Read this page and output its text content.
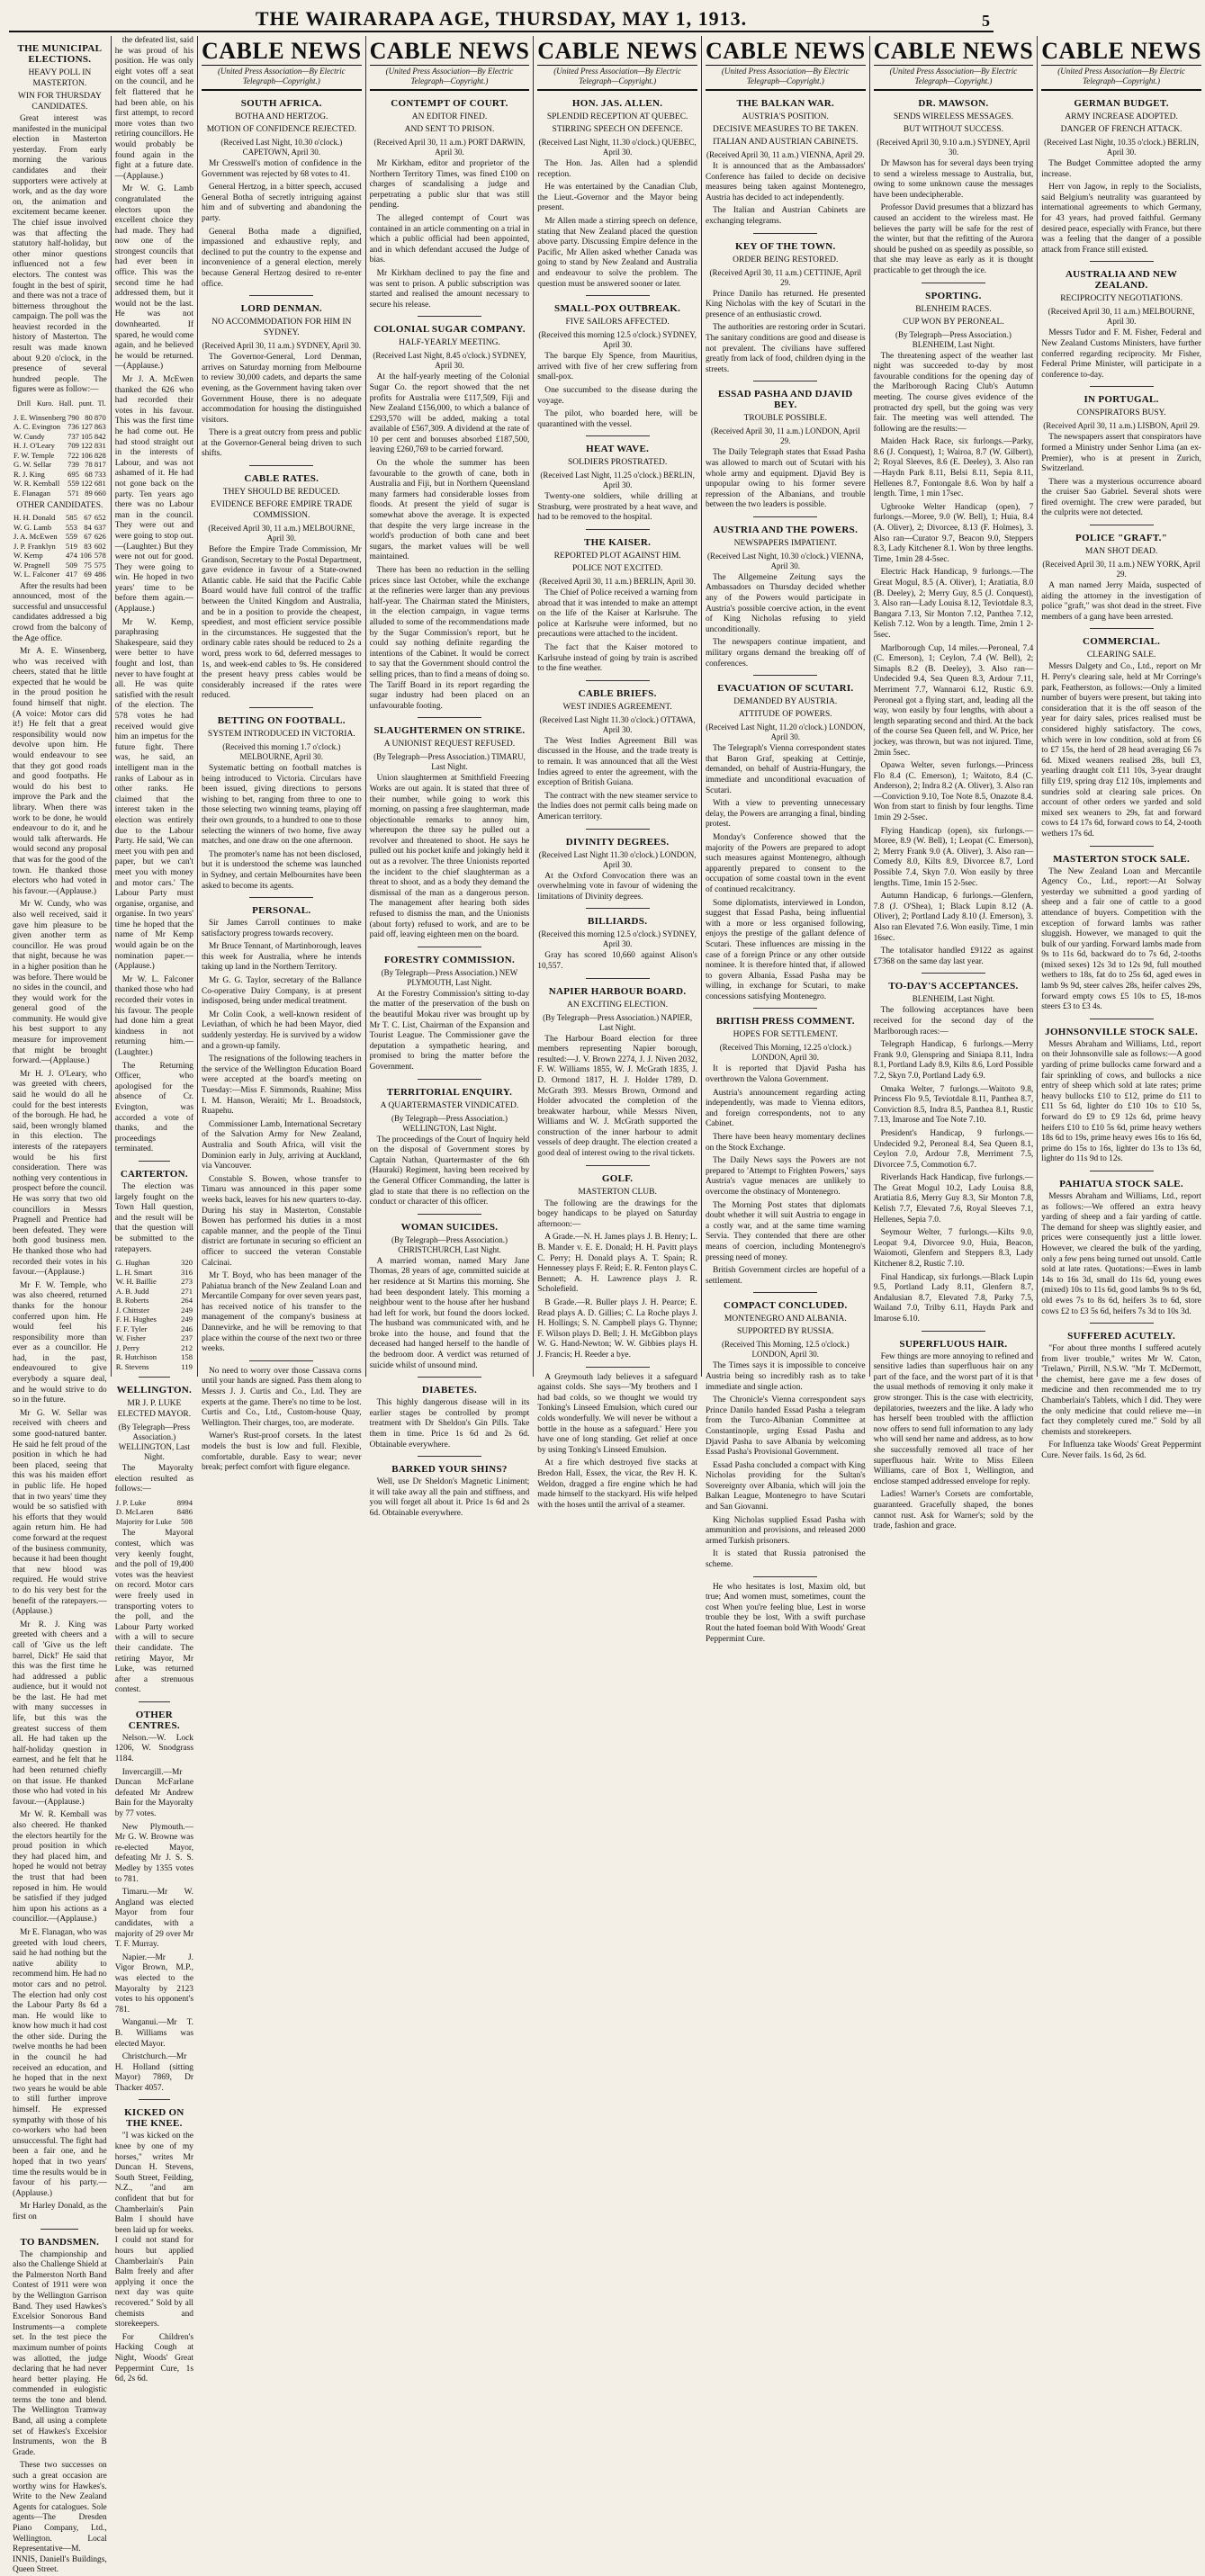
THE WAIRARAPA AGE, THURSDAY, MAY 1, 1913.	5
THE MUNICIPAL ELECTIONS.
HEAVY POLL IN MASTERTON.
WIN FOR THURSDAY CANDIDATES.

Great interest was manifested in the municipal election in Masterton yesterday. From early morning the various candidates and their supporters were actively at work, and as the day wore on, the animation and excitement became keener. The chief issue involved was that affecting the statutory half-holiday, but other minor questions influenced not a few electors. The contest was fought in the best of spirit, and there was not a trace of bitterness throughout the campaign. The poll was the heaviest recorded in the history of Masterton. The result was made known about 9.20 o'clock, in the presence of several hundred people. The figures were as follow:—

Drill	Kuro.	Hall.	punt.	Tl.
J. E. Winsenberg	790	80	870
A. C. Evington	736	127	863
W. Cundy	737	105	842
H. J. O'Leary	709	122	831
F. W. Temple	722	106	828
G. W. Sellar	739	78	817
R. J. King	695	68	733
W. R. Kemball	559	122	681
E. Flanagan	571	89	660
OTHER CANDIDATES.
H. H. Donald	585	67	652
W. G. Lamb	553	84	637
J. A. McEwen	559	67	626
J. P. Franklyn	519	83	602
W. Kemp	474	106	578
W. Pragnell	509	75	575
W. L. Falconer	417	69	486

After the results had been announced, most of the successful and unsuccessful candidates addressed a big crowd from the balcony of the Age office.

Mr A. E. Winsenberg, who was received with cheers, stated that he little expected that he would be in the proud position he found himself that night. (A voice: Motor cars did it!) He felt that a great responsibility would now devolve upon him. He would endeavour to see that they got good roads and good footpaths. He would do his best to improve the Park and the library. When there was work to be done, he would endeavour to do it, and he would talk afterwards. He would second any proposal that was for the good of the town. He thanked those electors who had voted in his favour.—(Applause.)

Mr W. Cundy, who was also well received, said it gave him pleasure to be given another term as councillor. He was proud that night, because he was in a higher position than he was before. There would be no sides in the council, and they would work for the general good of the community. He would give his best support to any measure for improvement that might be brought forward.—(Applause.)

Mr H. J. O'Leary, who was greeted with cheers, said he would do all he could for the best interests of the borough. He had, he said, been wrongly blamed in this election. The interests of the ratepayers would be his first consideration. There was nothing very contentious in prospect before the council. He was sorry that two old councillors in Messrs Pragnell and Prentice had been defeated. They were both good business men. He thanked those who had recorded their votes in his favour.—(Applause.)

Mr F. W. Temple, who was also cheered, returned thanks for the honour conferred upon him. He would feel his responsibility more than ever as a councillor. He had, in the past, endeavoured to give everybody a square deal, and he would strive to do so in the future.

Mr G. W. Sellar was received with cheers and some good-natured banter. He said he felt proud of the position in which he had been placed, seeing that this was his maiden effort in public life. He hoped that in two years' time they would be so satisfied with his efforts that they would again return him. He had come forward at the request of the business community, because it had been thought that new blood was required. He would strive to do his very best for the benefit of the ratepayers.—(Applause.)

Mr R. J. King was greeted with cheers and a call of 'Give us the left barrel, Dick!' He said that this was the first time he had addressed a public audience, but it would not be the last. He had met with many successes in life, but this was the greatest success of them all. He had taken up the half-holiday question in earnest, and he felt that he had been returned chiefly on that issue. He thanked those who had voted in his favour.—(Applause.)

Mr W. R. Kemball was also cheered. He thanked the electors heartily for the proud position in which they had placed him, and hoped he would not betray the trust that had been reposed in him. He would be satisfied if they judged him upon his actions as a councillor.—(Applause.)

Mr E. Flanagan, who was greeted with loud cheers, said he had nothing but the native ability to recommend him. He had no motor cars and no petrol. The election had only cost the Labour Party 8s 6d a man. He would like to know how much it had cost the other side. During the twelve months he had been in the council he had received an education, and he hoped that in the next two years he would be able to still further improve himself. He expressed sympathy with those of his co-workers who had been unsuccessful. The fight had been a fair one, and he hoped that in two years' time the results would be in favour of his party.—(Applause.)

Mr Harley Donald, as the first on

TO BANDSMEN.

The championship and also the Challenge Shield at the Palmerston North Band Contest of 1911 were won by the Wellington Garrison Band. They used Hawkes's Excelsior Sonorous Band Instruments—a complete set. In the test piece the maximum number of points was allotted, the judge declaring that he had never heard better playing. He commended in eulogistic terms the tone and blend. The Wellington Tramway Band, all using a complete set of Hawkes's Excelsior Instruments, won the B Grade.

These two successes on such a great occasion are worthy wins for Hawkes's. Write to the New Zealand Agents for catalogues. Sole agents—The Dresden Piano Company, Ltd., Wellington. Local Representative—M. INNIS, Daniell's Buildings, Queen Street.

the defeated list, said he was proud of his position. He was only eight votes off a seat on the council, and he felt flattered that he had been able, on his first attempt, to record more votes than two retiring councillors. He would probably be found again in the fight at a future date.—(Applause.)

Mr W. G. Lamb congratulated the electors upon the excellent choice they had made. They had now one of the strongest councils that had ever been in office. This was the second time he had addressed them, but it would not be the last. He was not downhearted. If spared, he would come again, and he believed he would be returned.—(Applause.)

Mr J. A. McEwen thanked the 626 who had recorded their votes in his favour. This was the first time he had come out. He had stood straight out in the interests of Labour, and was not ashamed of it. He had not gone back on the party. Ten years ago there was no Labour man in the council. They were out and were going to stop out.—(Laughter.) But they were not out for good. They were going to win. He hoped in two years' time to be before them again.—(Applause.)

Mr W. Kemp, paraphrasing Shakespeare, said they were better to have fought and lost, than never to have fought at all. He was quite satisfied with the result of the election. The 578 votes he had received would give him an impetus for the future fight. There was, he said, an intelligent man in the ranks of Labour as in other ranks. He claimed that the interest taken in the election was entirely due to the Labour Party. He said, 'We can meet you with pen and paper, but we can't meet you with money and motor cars.' The Labour Party must organise, organise, and organise. In two years' time he hoped that the name of Mr Kemp would again be on the nomination paper.—(Applause.)

Mr W. L. Falconer thanked those who had recorded their votes in his favour. The people had done him a great kindness in not returning him.—(Laughter.)

The Returning Officer, who apologised for the absence of Cr. Evington, was accorded a vote of thanks, and the proceedings terminated.

CARTERTON.

The election was largely fought on the Town Hall question, and the result will be that the question will be submitted to the ratepayers.

G. Hughan			320
L. H. Smart			316
W. H. Baillie			273
A. B. Judd			271
B. Roberts			264
J. Chittster			249
F. H. Hughes			249
F. F. Tyler			246
W. Fisher			237
J. Perry			212
R. Hutchison			158
R. Stevens			119
WELLINGTON.
MR J. P. LUKE ELECTED MAYOR.
(By Telegraph—Press Association.) WELLINGTON, Last Night.

The Mayoralty election resulted as follows:—

J. P. Luke			8994
D. McLaren			8486
Majority for Luke			508

The Mayoral contest, which was very keenly fought, and the poll of 19,400 votes was the heaviest on record. Motor cars were freely used in transporting voters to the poll, and the Labour Party worked with a will to secure their candidate. The retiring Mayor, Mr Luke, was returned after a strenuous contest.

OTHER CENTRES.

Nelson.—W. Lock 1206, W. Snodgrass 1184.

Invercargill.—Mr Duncan McFarlane defeated Mr Andrew Bain for the Mayoralty by 77 votes.

New Plymouth.—Mr G. W. Browne was re-elected Mayor, defeating Mr J. S. S. Medley by 1355 votes to 781.

Timaru.—Mr W. Angland was elected Mayor from four candidates, with a majority of 29 over Mr T. F. Murray.

Napier.—Mr J. Vigor Brown, M.P., was elected to the Mayoralty by 2123 votes to his opponent's 781.

Wanganui.—Mr T. B. Williams was elected Mayor.

Christchurch.—Mr H. Holland (sitting Mayor) 7869, Dr Thacker 4057.

KICKED ON THE KNEE.

"I was kicked on the knee by one of my horses," writes Mr Duncan H. Stevens, South Street, Feilding, N.Z., "and am confident that but for Chamberlain's Pain Balm I should have been laid up for weeks. I could not stand for hours but applied Chamberlain's Pain Balm freely and after applying it once the next day was quite recovered." Sold by all chemists and storekeepers.

For Children's Hacking Cough at Night, Woods' Great Peppermint Cure, 1s 6d, 2s 6d.

CABLE NEWS
(United Press Association—By Electric Telegraph—Copyright.)
SOUTH AFRICA.
BOTHA AND HERTZOG.
MOTION OF CONFIDENCE REJECTED.
(Received Last Night, 10.30 o'clock.) CAPETOWN, April 30.

Mr Cresswell's motion of confidence in the Government was rejected by 68 votes to 41.

General Hertzog, in a bitter speech, accused General Botha of secretly intriguing against him and of subverting and abandoning the party.

General Botha made a dignified, impassioned and exhaustive reply, and declined to put the country to the expense and inconvenience of a general election, merely because General Hertzog desired to re-enter office.

LORD DENMAN.
NO ACCOMMODATION FOR HIM IN SYDNEY.
(Received April 30, 11 a.m.) SYDNEY, April 30.

The Governor-General, Lord Denman, arrives on Saturday morning from Melbourne to review 30,000 cadets, and departs the same evening, as the Government having taken over Government House, there is no adequate accommodation for housing the distinguished visitors.

There is a great outcry from press and public at the Governor-General being driven to such shifts.

CABLE RATES.
THEY SHOULD BE REDUCED.
EVIDENCE BEFORE EMPIRE TRADE COMMISSION.
(Received April 30, 11 a.m.) MELBOURNE, April 30.

Before the Empire Trade Commission, Mr Grandison, Secretary to the Postal Department, gave evidence in favour of a State-owned Atlantic cable. He said that the Pacific Cable Board would have full control of the traffic between the United Kingdom and Australia, and be in a position to provide the cheapest, speediest, and most efficient service possible in the circumstances. He suggested that the ordinary cable rates should be reduced to 2s a word, press work to 6d, deferred messages to 1s, and week-end cables to 9s. He considered the present heavy press cables would be considerably increased if the rates were reduced.

BETTING ON FOOTBALL.
SYSTEM INTRODUCED IN VICTORIA.
(Received this morning 1.7 o'clock.) MELBOURNE, April 30.

Systematic betting on football matches is being introduced to Victoria. Circulars have been issued, giving directions to persons wishing to bet, ranging from three to one to those selecting two winning teams, playing off their own grounds, to a hundred to one to those selecting the winners of two home, five away matches, and one draw on the one afternoon.

The promoter's name has not been disclosed, but it is understood the scheme was launched in Sydney, and certain Melbournites have been asked to become its agents.

PERSONAL.

Sir James Carroll continues to make satisfactory progress towards recovery.

Mr Bruce Tennant, of Martinborough, leaves this week for Australia, where he intends taking up land in the Northern Territory.

Mr G. G. Taylor, secretary of the Ballance Co-operative Dairy Company, is at present indisposed, being under medical treatment.

Mr Colin Cook, a well-known resident of Leviathan, of which he had been Mayor, died suddenly yesterday. He is survived by a widow and a grown-up family.

The resignations of the following teachers in the service of the Wellington Education Board were accepted at the board's meeting on Tuesday:—Miss F. Simmonds, Ruahine; Miss I. M. Hanson, Weraiti; Mr L. Broadstock, Ruapehu.

Commissioner Lamb, International Secretary of the Salvation Army for New Zealand, Australia and South Africa, will visit the Dominion early in July, arriving at Auckland, via Vancouver.

Constable S. Bowen, whose transfer to Timaru was announced in this paper some weeks back, leaves for his new quarters to-day. During his stay in Masterton, Constable Bowen has performed his duties in a most capable manner, and the people of the Tinui district are fortunate in securing so efficient an officer to succeed the veteran Constable Calcinai.

Mr T. Boyd, who has been manager of the Pahiatua branch of the New Zealand Loan and Mercantile Company for over seven years past, has received notice of his transfer to the management of the company's business at Dannevirke, and he will be removing to that place within the course of the next two or three weeks.

No need to worry over those Cassava corns until your hands are signed. Pass them along to Messrs J. J. Curtis and Co., Ltd. They are experts at the game. There's no time to be lost. Curtis and Co., Ltd., Custom-house Quay, Wellington. Their charges, too, are moderate.

Warner's Rust-proof corsets. In the latest models the bust is low and full. Flexible, comfortable, durable. Easy to wear; never break; perfect comfort with figure elegance.

CABLE NEWS
(United Press Association—By Electric Telegraph—Copyright.)
CONTEMPT OF COURT.
AN EDITOR FINED.
AND SENT TO PRISON.
(Received April 30, 11 a.m.) PORT DARWIN, April 30.

Mr Kirkham, editor and proprietor of the Northern Territory Times, was fined £100 on charges of scandalising a judge and perpetrating a public slur that was still pending.

The alleged contempt of Court was contained in an article commenting on a trial in which a public official had been appointed, and in which defendant accused the Judge of bias.

Mr Kirkham declined to pay the fine and was sent to prison. A public subscription was started and realised the amount necessary to secure his release.

COLONIAL SUGAR COMPANY.
HALF-YEARLY MEETING.
(Received Last Night, 8.45 o'clock.) SYDNEY, April 30.

At the half-yearly meeting of the Colonial Sugar Co. the report showed that the net profits for Australia were £117,509, Fiji and New Zealand £156,000, to which a balance of £293,570 will be added, making a total available of £567,309. A dividend at the rate of 10 per cent and bonuses absorbed £187,500, leaving £260,769 to be carried forward.

On the whole the summer has been favourable to the growth of cane, both in Australia and Fiji, but in Northern Queensland many farmers had considerable losses from floods. At present the yield of sugar is somewhat above the average. It is expected that despite the very large increase in the world's production of both cane and beet sugars, the market values will be well maintained.

There has been no reduction in the selling prices since last October, while the exchange at the refineries were larger than any previous half-year. The Chairman stated the Ministers, in the election campaign, in vague terms alluded to some of the recommendations made by the Sugar Commission's report, but he could say nothing definite regarding the intentions of the Cabinet. It would be correct to say that the Government should control the selling prices, than to find a means of doing so. The Tariff Board in its report regarding the sugar industry had been placed on an unfavourable footing.

SLAUGHTERMEN ON STRIKE.
A UNIONIST REQUEST REFUSED.
(By Telegraph—Press Association.) TIMARU, Last Night.

Union slaughtermen at Smithfield Freezing Works are out again. It is stated that three of their number, while going to work this morning, on passing a free slaughterman, made objectionable remarks to annoy him, whereupon the three say he pulled out a revolver and threatened to shoot. He says he pulled out his pocket knife and jokingly held it out as a revolver. The three Unionists reported the incident to the chief slaughterman as a threat to shoot, and as a body they demand the dismissal of the man as a dangerous person. The management after hearing both sides refused to dismiss the man, and the Unionists (about forty) refused to work, and are to be paid off, leaving eighteen men on the board.

FORESTRY COMMISSION.
(By Telegraph—Press Association.) NEW PLYMOUTH, Last Night.

At the Forestry Commission's sitting to-day the matter of the preservation of the bush on the beautiful Mokau river was brought up by Mr T. C. List, Chairman of the Expansion and Tourist League. The Commissioner gave the deputation a sympathetic hearing, and promised to bring the matter before the Government.

TERRITORIAL ENQUIRY.
A QUARTERMASTER VINDICATED.
(By Telegraph—Press Association.) WELLINGTON, Last Night.

The proceedings of the Court of Inquiry held on the disposal of Government stores by Captain Nathan, Quartermaster of the 6th (Hauraki) Regiment, having been received by the General Officer Commanding, the latter is glad to state that there is no reflection on the conduct or character of this officer.

WOMAN SUICIDES.
(By Telegraph—Press Association.) CHRISTCHURCH, Last Night.

A married woman, named Mary Jane Thomas, 28 years of age, committed suicide at her residence at St Martins this morning. She had been despondent lately. This morning a neighbour went to the house after her husband had left for work, but found the doors locked. The husband was communicated with, and he broke into the house, and found that the deceased had hanged herself to the handle of the bedroom door. A verdict was returned of suicide whilst of unsound mind.

DIABETES.

This highly dangerous disease will in its earlier stages be controlled by prompt treatment with Dr Sheldon's Gin Pills. Take them in time. Price 1s 6d and 2s 6d. Obtainable everywhere.

BARKED YOUR SHINS?

Well, use Dr Sheldon's Magnetic Liniment; it will take away all the pain and stiffness, and you will forget all about it. Price 1s 6d and 2s 6d. Obtainable everywhere.

CABLE NEWS
(United Press Association—By Electric Telegraph—Copyright.)
HON. JAS. ALLEN.
SPLENDID RECEPTION AT QUEBEC.
STIRRING SPEECH ON DEFENCE.
(Received Last Night, 11.30 o'clock.) QUEBEC, April 30.

The Hon. Jas. Allen had a splendid reception.

He was entertained by the Canadian Club, the Lieut.-Governor and the Mayor being present.

Mr Allen made a stirring speech on defence, stating that New Zealand placed the question above party. Discussing Empire defence in the Pacific, Mr Allen asked whether Canada was going to stand by New Zealand and Australia and endeavour to solve the problem. The question must be answered sooner or later.

SMALL-POX OUTBREAK.
FIVE SAILORS AFFECTED.
(Received this morning 12.5 o'clock.) SYDNEY, April 30.

The barque Ely Spence, from Mauritius, arrived with five of her crew suffering from small-pox.

One succumbed to the disease during the voyage.

The pilot, who boarded here, will be quarantined with the vessel.

HEAT WAVE.
SOLDIERS PROSTRATED.
(Received Last Night, 11.25 o'clock.) BERLIN, April 30.

Twenty-one soldiers, while drilling at Strasburg, were prostrated by a heat wave, and had to be removed to the hospital.

THE KAISER.
REPORTED PLOT AGAINST HIM.
POLICE NOT EXCITED.
(Received April 30, 11 a.m.) BERLIN, April 30.

The Chief of Police received a warning from abroad that it was intended to make an attempt on the life of the Kaiser at Karlsruhe. The police at Karlsruhe were informed, but no precautions were attached to the incident.

The fact that the Kaiser motored to Karlsruhe instead of going by train is ascribed to the fine weather.

CABLE BRIEFS.
WEST INDIES AGREEMENT.
(Received Last Night 11.30 o'clock.) OTTAWA, April 30.

The West Indies Agreement Bill was discussed in the House, and the trade treaty is to remain. It was announced that all the West Indies agreed to enter the agreement, with the exception of British Guiana.

The contract with the new steamer service to the Indies does not permit calls being made on American territory.

DIVINITY DEGREES.
(Received Last Night 11.30 o'clock.) LONDON, April 30.

At the Oxford Convocation there was an overwhelming vote in favour of widening the limitations of Divinity degrees.

BILLIARDS.
(Received this morning 12.5 o'clock.) SYDNEY, April 30.

Gray has scored 10,660 against Alison's 10,557.

NAPIER HARBOUR BOARD.
AN EXCITING ELECTION.
(By Telegraph—Press Association.) NAPIER, Last Night.

The Harbour Board election for three members representing Napier borough, resulted:—J. V. Brown 2274, J. J. Niven 2032, F. W. Williams 1855, W. J. McGrath 1835, J. D. Ormond 1817, H. J. Holder 1789, D. McGrath 393. Messrs Brown, Ormond and Holder advocated the completion of the breakwater harbour, while Messrs Niven, Williams and W. J. McGrath supported the construction of the inner harbour to admit vessels of deep draught. The election created a good deal of interest owing to the rival tickets.

GOLF.
MASTERTON CLUB.

The following are the drawings for the bogey handicaps to be played on Saturday afternoon:—

A Grade.—N. H. James plays J. B. Henry; L. B. Mander v. E. E. Donald; H. H. Pavitt plays C. Perry; H. Donald plays A. T. Spain; R. Hennessey plays F. Reid; E. R. Fenton plays C. Bennett; A. H. Lawrence plays J. R. Scholefield.

B Grade.—R. Buller plays J. H. Pearce; E. Read plays A. D. Gillies; C. La Roche plays J. H. Hollings; S. N. Campbell plays G. Thynne; F. Wilson plays D. Bell; J. H. McGibbon plays W. G. Hand-Newton; W. W. Gibbies plays H. J. Francis; H. Reeder a bye.

A Greymouth lady believes it a safeguard against colds. She says—'My brothers and I had bad colds, so we thought we would try Tonking's Linseed Emulsion, which cured our colds wonderfully. We will never be without a bottle in the house as a safeguard.' Here you have one of long standing. Get relief at once by using Tonking's Linseed Emulsion.

At a fire which destroyed five stacks at Bredon Hall, Essex, the vicar, the Rev H. K. Weldon, dragged a fire engine which he had made himself to the stackyard. His wife helped with the hoses until the arrival of a steamer.

CABLE NEWS
(United Press Association—By Electric Telegraph—Copyright.)
THE BALKAN WAR.
AUSTRIA'S POSITION.
DECISIVE MEASURES TO BE TAKEN.
ITALIAN AND AUSTRIAN CABINETS.
(Received April 30, 11 a.m.) VIENNA, April 29.

It is announced that as the Ambassadors' Conference has failed to decide on decisive measures being taken against Montenegro, Austria has decided to act independently.

The Italian and Austrian Cabinets are exchanging telegrams.

KEY OF THE TOWN.
ORDER BEING RESTORED.
(Received April 30, 11 a.m.) CETTINJE, April 29.

Prince Danilo has returned. He presented King Nicholas with the key of Scutari in the presence of an enthusiastic crowd.

The authorities are restoring order in Scutari. The sanitary conditions are good and disease is not prevalent. The civilians have suffered greatly from lack of food, children dying in the streets.

ESSAD PASHA AND DJAVID BEY.
TROUBLE POSSIBLE.
(Received April 30, 11 a.m.) LONDON, April 29.

The Daily Telegraph states that Essad Pasha was allowed to march out of Scutari with his whole army and equipment. Djavid Bey is unpopular owing to his former severe repression of the Albanians, and trouble between the two leaders is possible.

AUSTRIA AND THE POWERS.
NEWSPAPERS IMPATIENT.
(Received Last Night, 10.30 o'clock.) VIENNA, April 30.

The Allgemeine Zeitung says the Ambassadors on Thursday decided whether any of the Powers would participate in Austria's possible coercive action, in the event of King Nicholas refusing to yield unconditionally.

The newspapers continue impatient, and military organs demand the breaking off of conferences.

EVACUATION OF SCUTARI.
DEMANDED BY AUSTRIA.
ATTITUDE OF POWERS.
(Received Last Night, 11.20 o'clock.) LONDON, April 30.

The Telegraph's Vienna correspondent states that Baron Graf, speaking at Cettinje, demanded, on behalf of Austria-Hungary, the immediate and unconditional evacuation of Scutari.

With a view to preventing unnecessary delay, the Powers are arranging a final, binding protest.

Monday's Conference showed that the majority of the Powers are prepared to adopt such measures against Montenegro, although apparently prepared to consent to the occupation of some coastal town in the event of continued recalcitrancy.

Some diplomatists, interviewed in London, suggest that Essad Pasha, being influential with a more or less organised following, enjoys the prestige of the gallant defence of Scutari. These influences are missing in the case of a foreign Prince or any other outside nominee. It is therefore hinted that, if allowed to govern Albania, Essad Pasha may be willing, in exchange for Scutari, to make concessions satisfying Montenegro.

BRITISH PRESS COMMENT.
HOPES FOR SETTLEMENT.
(Received This Morning, 12.25 o'clock.) LONDON, April 30.

It is reported that Djavid Pasha has overthrown the Valona Government.

Austria's announcement regarding acting independently, was made to Vienna editors, and foreign correspondents, not to any Cabinet.

There have been heavy momentary declines on the Stock Exchange.

The Daily News says the Powers are not prepared to 'Attempt to Frighten Powers,' says Austria's vague menaces are unlikely to overcome the obstinacy of Montenegro.

The Morning Post states that diplomats doubt whether it will suit Austria to engage in a costly war, and at the same time warning Servia. They contended that there are other means of coercion, including Montenegro's pressing need of money.

British Government circles are hopeful of a settlement.

COMPACT CONCLUDED.
MONTENEGRO AND ALBANIA.
SUPPORTED BY RUSSIA.
(Received This Morning, 12.5 o'clock.) LONDON, April 30.

The Times says it is impossible to conceive Austria being so incredibly rash as to take immediate and single action.

The Chronicle's Vienna correspondent says Prince Danilo handed Essad Pasha a telegram from the Turco-Albanian Committee at Constantinople, urging Essad Pasha and Djavid Pasha to save Albania by welcoming Essad Pasha's Provisional Government.

Essad Pasha concluded a compact with King Nicholas providing for the Sultan's Sovereignty over Albania, which will join the Balkan League, Montenegro to have Scutari and San Giovanni.

King Nicholas supplied Essad Pasha with ammunition and provisions, and released 2000 armed Turkish prisoners.

It is stated that Russia patronised the scheme.

He who hesitates is lost, Maxim old, but true; And women must, sometimes, count the cost When you're feeling blue, Lest in worse trouble they be lost, With a swift purchase Rout the hated foeman bold With Woods' Great Peppermint Cure.

CABLE NEWS
(United Press Association—By Electric Telegraph—Copyright.)
DR. MAWSON.
SENDS WIRELESS MESSAGES.
BUT WITHOUT SUCCESS.
(Received April 30, 9.10 a.m.) SYDNEY, April 30.

Dr Mawson has for several days been trying to send a wireless message to Australia, but, owing to some unknown cause the messages have been undecipherable.

Professor David presumes that a blizzard has caused an accident to the wireless mast. He believes the party will be safe for the rest of the winter, but that the refitting of the Aurora should be pushed on as speedily as possible, so that she may leave as early as it is thought practicable to get through the ice.

SPORTING.
BLENHEIM RACES.
CUP WON BY PERONEAL.
(By Telegraph—Press Association.) BLENHEIM, Last Night.

The threatening aspect of the weather last night was succeeded to-day by most favourable conditions for the opening day of the Marlborough Racing Club's Autumn meeting. The course gives evidence of the protracted dry spell, but the going was very fair. The meeting was well attended. The following are the results:—

Maiden Hack Race, six furlongs.—Parky, 8.6 (J. Conquest), 1; Wairoa, 8.7 (W. Gilbert), 2; Royal Sleeves, 8.6 (E. Deeley), 3. Also ran—Haydn Park 8.11, Belsi 8.11, Sepia 8.11, Hellenes 8.7, Fontongale 8.6. Won by half a length. Time, 1 min 17sec.

Ugbrooke Welter Handicap (open), 7 furlongs.—Moree, 9.0 (W. Bell), 1; Huia, 8.4 (A. Oliver), 2; Divorcee, 8.13 (F. Holmes), 3. Also ran—Curator 9.7, Beacon 9.0, Steppers 8.3, Lady Kitchener 8.1. Won by three lengths. Time, 1min 28 4-5sec.

Electric Hack Handicap, 9 furlongs.—The Great Mogul, 8.5 (A. Oliver), 1; Aratiatia, 8.0 (B. Deeley), 2; Merry Guy, 8.5 (J. Conquest), 3. Also ran—Lady Louisa 8.12, Teviotdale 8.3, Bangara 7.13, Sir Monton 7.12, Panthea 7.12, Kelish 7.12. Won by a length. Time, 2min 1 2-5sec.

Marlborough Cup, 14 miles.—Peroneal, 7.4 (C. Emerson), 1; Ceylon, 7.4 (W. Bell), 2; Simapls 8.2 (B. Deeley), 3. Also ran—Undecided 9.4, Sea Queen 8.3, Ardour 7.11, Merriment 7.7, Wannaroi 6.12, Rustic 6.9. Peroneal got a flying start, and, leading all the way, won easily by four lengths, with about a length separating second and third. At the back of the course Sea Queen fell, and W. Price, her jockey, was thrown, but was not injured. Time, 2min 5sec.

Opawa Welter, seven furlongs.—Princess Flo 8.4 (C. Emerson), 1; Waitoto, 8.4 (C. Anderson), 2; Indra 8.2 (A. Oliver), 3. Also ran—Conviction 9.10, Toe Note 8.5, Onazote 8.4. Won from start to finish by four lengths. Time 1min 29 2-5sec.

Flying Handicap (open), six furlongs.—Moree, 8.9 (W. Bell), 1; Leopat (C. Emerson), 2; Merry Frank 9.0 (A. Oliver), 3. Also ran—Comedy 8.0, Kilts 8.9, Divorcee 8.7, Lord Possible 7.4, Skyn 7.0. Won easily by three lengths. Time, 1min 15 2-5sec.

Autumn Handicap, 6 furlongs.—Glenfern, 7.8 (J. O'Shea), 1; Black Lupin 8.12 (A. Oliver), 2; Portland Lady 8.10 (J. Emerson), 3. Also ran Elevated 7.6. Won easily. Time, 1 min 16sec.

The totalisator handled £9122 as against £7368 on the same day last year.

TO-DAY'S ACCEPTANCES.
BLENHEIM, Last Night.

The following acceptances have been received for the second day of the Marlborough races:—

Telegraph Handicap, 6 furlongs.—Merry Frank 9.0, Glenspring and Siniapa 8.11, Indra 8.1, Portland Lady 8.9, Kilts 8.6, Lord Possible 7.2, Skyn 7.0, Portland Lady 6.9.

Omaka Welter, 7 furlongs.—Waitoto 9.8, Princess Flo 9.5, Teviotdale 8.11, Panthea 8.7, Conviction 8.5, Indra 8.5, Panthea 8.1, Rustic 7.13, Imarose and Toe Note 7.10.

President's Handicap, 9 furlongs.—Undecided 9.2, Peroneal 8.4, Sea Queen 8.1, Ceylon 7.0, Ardour 7.8, Merriment 7.5, Divorcee 7.5, Commotion 6.7.

Riverlands Hack Handicap, five furlongs.—The Great Mogul 10.2, Lady Louisa 8.8, Aratiatia 8.6, Merry Guy 8.3, Sir Monton 7.8, Kelish 7.7, Elevated 7.6, Royal Sleeves 7.1, Hellenes, Sepia 7.0.

Seymour Welter, 7 furlongs.—Kilts 9.0, Leopat 9.4, Divorcee 9.0, Huia, Beacon, Waiomoti, Glenfern and Steppers 8.3, Lady Kitchener 8.2, Rustic 7.10.

Final Handicap, six furlongs.—Black Lupin 9.5, Portland Lady 8.11, Glenfern 8.7, Andalusian 8.7, Elevated 7.8, Parky 7.5, Wailand 7.0, Trilby 6.11, Haydn Park and Imarose 6.10.

SUPERFLUOUS HAIR.

Few things are more annoying to refined and sensitive ladies than superfluous hair on any part of the face, and the worst part of it is that the usual methods of removing it only make it grow stronger. This is the case with electricity, depilatories, tweezers and the like. A lady who has herself been troubled with the affliction now offers to send full information to any lady who will send her name and address, as to how she successfully removed all trace of her superfluous hair. Write to Miss Eileen Williams, care of Box 1, Wellington, and enclose stamped addressed envelope for reply.

Ladies! Warner's Corsets are comfortable, guaranteed. Gracefully shaped, the bones cannot rust. Ask for Warner's; sold by the trade, fashion and grace.

CABLE NEWS
(United Press Association—By Electric Telegraph—Copyright.)
GERMAN BUDGET.
ARMY INCREASE ADOPTED.
DANGER OF FRENCH ATTACK.
(Received Last Night, 10.35 o'clock.) BERLIN, April 30.

The Budget Committee adopted the army increase.

Herr von Jagow, in reply to the Socialists, said Belgium's neutrality was guaranteed by international agreements to which Germany, for 43 years, had proved faithful. Germany desired peace, especially with France, but there was a feeling that the danger of a possible attack from France still existed.

AUSTRALIA AND NEW ZEALAND.
RECIPROCITY NEGOTIATIONS.
(Received April 30, 11 a.m.) MELBOURNE, April 30.

Messrs Tudor and F. M. Fisher, Federal and New Zealand Customs Ministers, have further conferred regarding reciprocity. Mr Fisher, Federal Prime Minister, will participate in a conference to-day.

IN PORTUGAL.
CONSPIRATORS BUSY.
(Received April 30, 11 a.m.) LISBON, April 29.

The newspapers assert that conspirators have formed a Ministry under Senhor Lima (an ex-Premier), who is at present in Zurich, Switzerland.

There was a mysterious occurrence aboard the cruiser Sao Gabriel. Several shots were fired overnight. The crew were paraded, but the culprits were not detected.

POLICE "GRAFT."
MAN SHOT DEAD.
(Received April 30, 11 a.m.) NEW YORK, April 29.

A man named Jerry Maida, suspected of aiding the attorney in the investigation of police "graft," was shot dead in the street. Five members of a gang have been arrested.

COMMERCIAL.
CLEARING SALE.

Messrs Dalgety and Co., Ltd., report on Mr H. Perry's clearing sale, held at Mr Corringe's park, Featherston, as follows:—Only a limited number of buyers were present, but taking into consideration that it is the off season of the year for dairy sales, prices realised must be considered highly satisfactory. The cows, which were in low condition, sold at from £6 to £7 15s, the herd of 28 head averaging £6 7s 6d. Mixed weaners realised 28s, bull £3, yearling draught colt £11 10s, 3-year draught filly £19, spring dray £12 10s, implements and sundries sold at clearing sale prices. On account of other orders we yarded and sold mixed sex weaners to 29s, fat and forward cows to £4 17s 6d, forward cows to £4, 2-tooth wethers 17s 6d.

MASTERTON STOCK SALE.

The New Zealand Loan and Mercantile Agency Co., Ltd., report:—At Solway yesterday we submitted a good yarding of sheep and a fair one of cattle to a good attendance of buyers. Competition with the exception of forward lambs was rather sluggish. However, we managed to quit the bulk of our yarding. Forward lambs made from 9s to 11s 6d, backward do to 7s 6d, 2-tooths (mixed sexes) 12s 3d to 12s 9d, full mouthed wethers to 18s, fat do to 25s 6d, aged ewes in lamb 9s 9d, steer calves 28s, heifer calves 29s, forward empty cows £5 10s to £5, 18-mos steers £3 to £3 4s.

JOHNSONVILLE STOCK SALE.

Messrs Abraham and Williams, Ltd., report on their Johnsonville sale as follows:—A good yarding of prime bullocks came forward and a fair sprinkling of cows, and bullocks a nice entry of sheep which sold at late rates; prime heavy bullocks £10 to £12, prime do £11 to £11 5s 6d, lighter do £10 10s to £10 5s, forward do £9 to £9 12s 6d, prime heavy heifers £10 to £10 5s 6d, prime heavy wethers 18s 6d to 19s, prime heavy ewes 16s to 16s 6d, prime do 15s to 16s, lighter do 13s to 13s 6d, lighter do 11s 9d to 12s.

PAHIATUA STOCK SALE.

Messrs Abraham and Williams, Ltd., report as follows:—We offered an extra heavy yarding of sheep and a fair yarding of cattle. The demand for sheep was slightly easier, and prices were consequently just a little lower. However, we cleared the bulk of the yarding, only a few pens being turned out unsold. Cattle sold at late rates. Quotations:—Ewes in lamb 14s to 16s 3d, small do 11s 6d, young ewes (mixed) 10s to 11s 6d, good lambs 9s to 9s 6d, old ewes 7s to 8s 6d, heifers 3s to 6d, store cows £2 to £3 5s 6d, heifers 7s 3d to 10s 3d.

SUFFERED ACUTELY.

"For about three months I suffered acutely from liver trouble," writes Mr W. Caton, 'Trelawn,' Pirrill, N.S.W. "Mr T. McDermott, the chemist, here gave me a few doses of medicine and then recommended me to try Chamberlain's Tablets, which I did. They were the only medicine that could relieve me—in fact they completely cured me." Sold by all chemists and storekeepers.

For Influenza take Woods' Great Peppermint Cure. Never fails. 1s 6d, 2s 6d.
